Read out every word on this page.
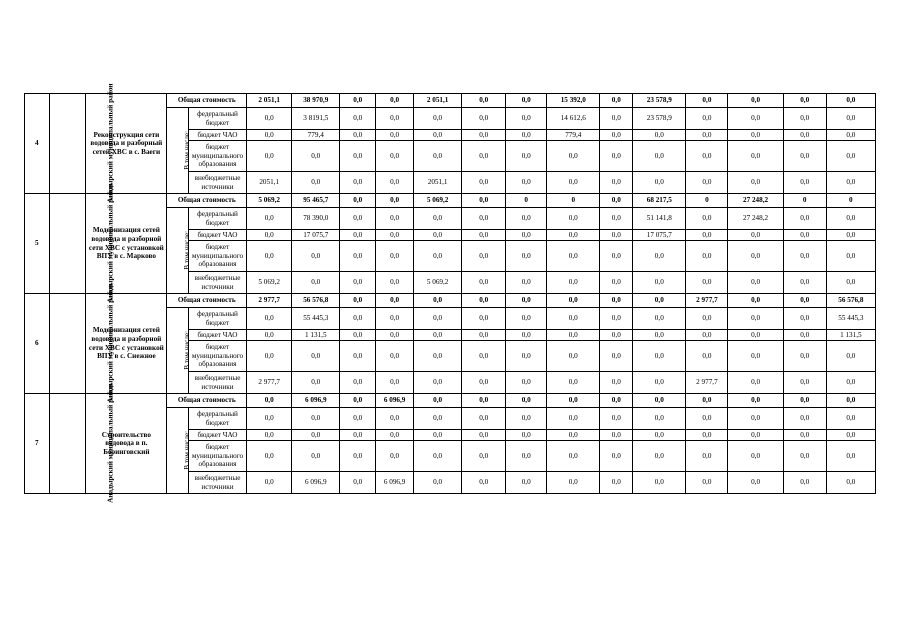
4	Анадырский муниципальный район	Реконструкция сети водовода и разборный сетей ХВС в с. Ваеги	Общая стоимость		2 051,1	38 970,9	0,0	0,0	2 051,1	0,0	0,0	15 392,0	0,0	23 578,9	0,0	0,0	0,0	0,0
			В том числе:	федеральный бюджет	0,0	3 8191,5	0,0	0,0	0,0	0,0	0,0	14 612,6	0,0	23 578,9	0,0	0,0	0,0	0,0
				бюджет ЧАО	0,0	779,4	0,0	0,0	0,0	0,0	0,0	779,4	0,0	0,0	0,0	0,0	0,0	0,0
				бюджет муниципального образования	0,0	0,0	0,0	0,0	0,0	0,0	0,0	0,0	0,0	0,0	0,0	0,0	0,0	0,0
				внебюджетные источники	2051,1	0,0	0,0	0,0	2051,1	0,0	0,0	0,0	0,0	0,0	0,0	0,0	0,0	0,0
5	Анадырский муниципальный район	Модернизация сетей водовода и разборной сети ХВС с установкой ВПУ в с. Марково	Общая стоимость		5 069,2	95 465,7	0,0	0,0	5 069,2	0,0	0	0	0,0	68 217,5	0	27 248,2	0	0
			В том числе:	федеральный бюджет	0,0	78 390,0	0,0	0,0	0,0	0,0	0,0	0,0	0,0	51 141,8	0,0	27 248,2	0,0	0,0
				бюджет ЧАО	0,0	17 075,7	0,0	0,0	0,0	0,0	0,0	0,0	0,0	17 075,7	0,0	0,0	0,0	0,0
				бюджет муниципального образования	0,0	0,0	0,0	0,0	0,0	0,0	0,0	0,0	0,0	0,0	0,0	0,0	0,0	0,0
				внебюджетные источники	5 069,2	0,0	0,0	0,0	5 069,2	0,0	0,0	0,0	0,0	0,0	0,0	0,0	0,0	0,0
6	Анадырский муниципальный район	Модернизация сетей водовода и разборной сети ХВС с установкой ВПУ в с. Снежное	Общая стоимость		2 977,7	56 576,8	0,0	0,0	0,0	0,0	0,0	0,0	0,0	0,0	2 977,7	0,0	0,0	56 576,8
			В том числе:	федеральный бюджет	0,0	55 445,3	0,0	0,0	0,0	0,0	0,0	0,0	0,0	0,0	0,0	0,0	0,0	55 445,3
				бюджет ЧАО	0,0	1 131,5	0,0	0,0	0,0	0,0	0,0	0,0	0,0	0,0	0,0	0,0	0,0	1 131,5
				бюджет муниципального образования	0,0	0,0	0,0	0,0	0,0	0,0	0,0	0,0	0,0	0,0	0,0	0,0	0,0	0,0
				внебюджетные источники	2 977,7	0,0	0,0	0,0	0,0	0,0	0,0	0,0	0,0	0,0	2 977,7	0,0	0,0	0,0
7	Анадырский муниципальный район	Строительство водовода в п. Беринговский	Общая стоимость		0,0	6 096,9	0,0	6 096,9	0,0	0,0	0,0	0,0	0,0	0,0	0,0	0,0	0,0	0,0
			В том числе:	федеральный бюджет	0,0	0,0	0,0	0,0	0,0	0,0	0,0	0,0	0,0	0,0	0,0	0,0	0,0	0,0
				бюджет ЧАО	0,0	0,0	0,0	0,0	0,0	0,0	0,0	0,0	0,0	0,0	0,0	0,0	0,0	0,0
				бюджет муниципального образования	0,0	0,0	0,0	0,0	0,0	0,0	0,0	0,0	0,0	0,0	0,0	0,0	0,0	0,0
				внебюджетные источники	0,0	6 096,9	0,0	6 096,9	0,0	0,0	0,0	0,0	0,0	0,0	0,0	0,0	0,0	0,0
